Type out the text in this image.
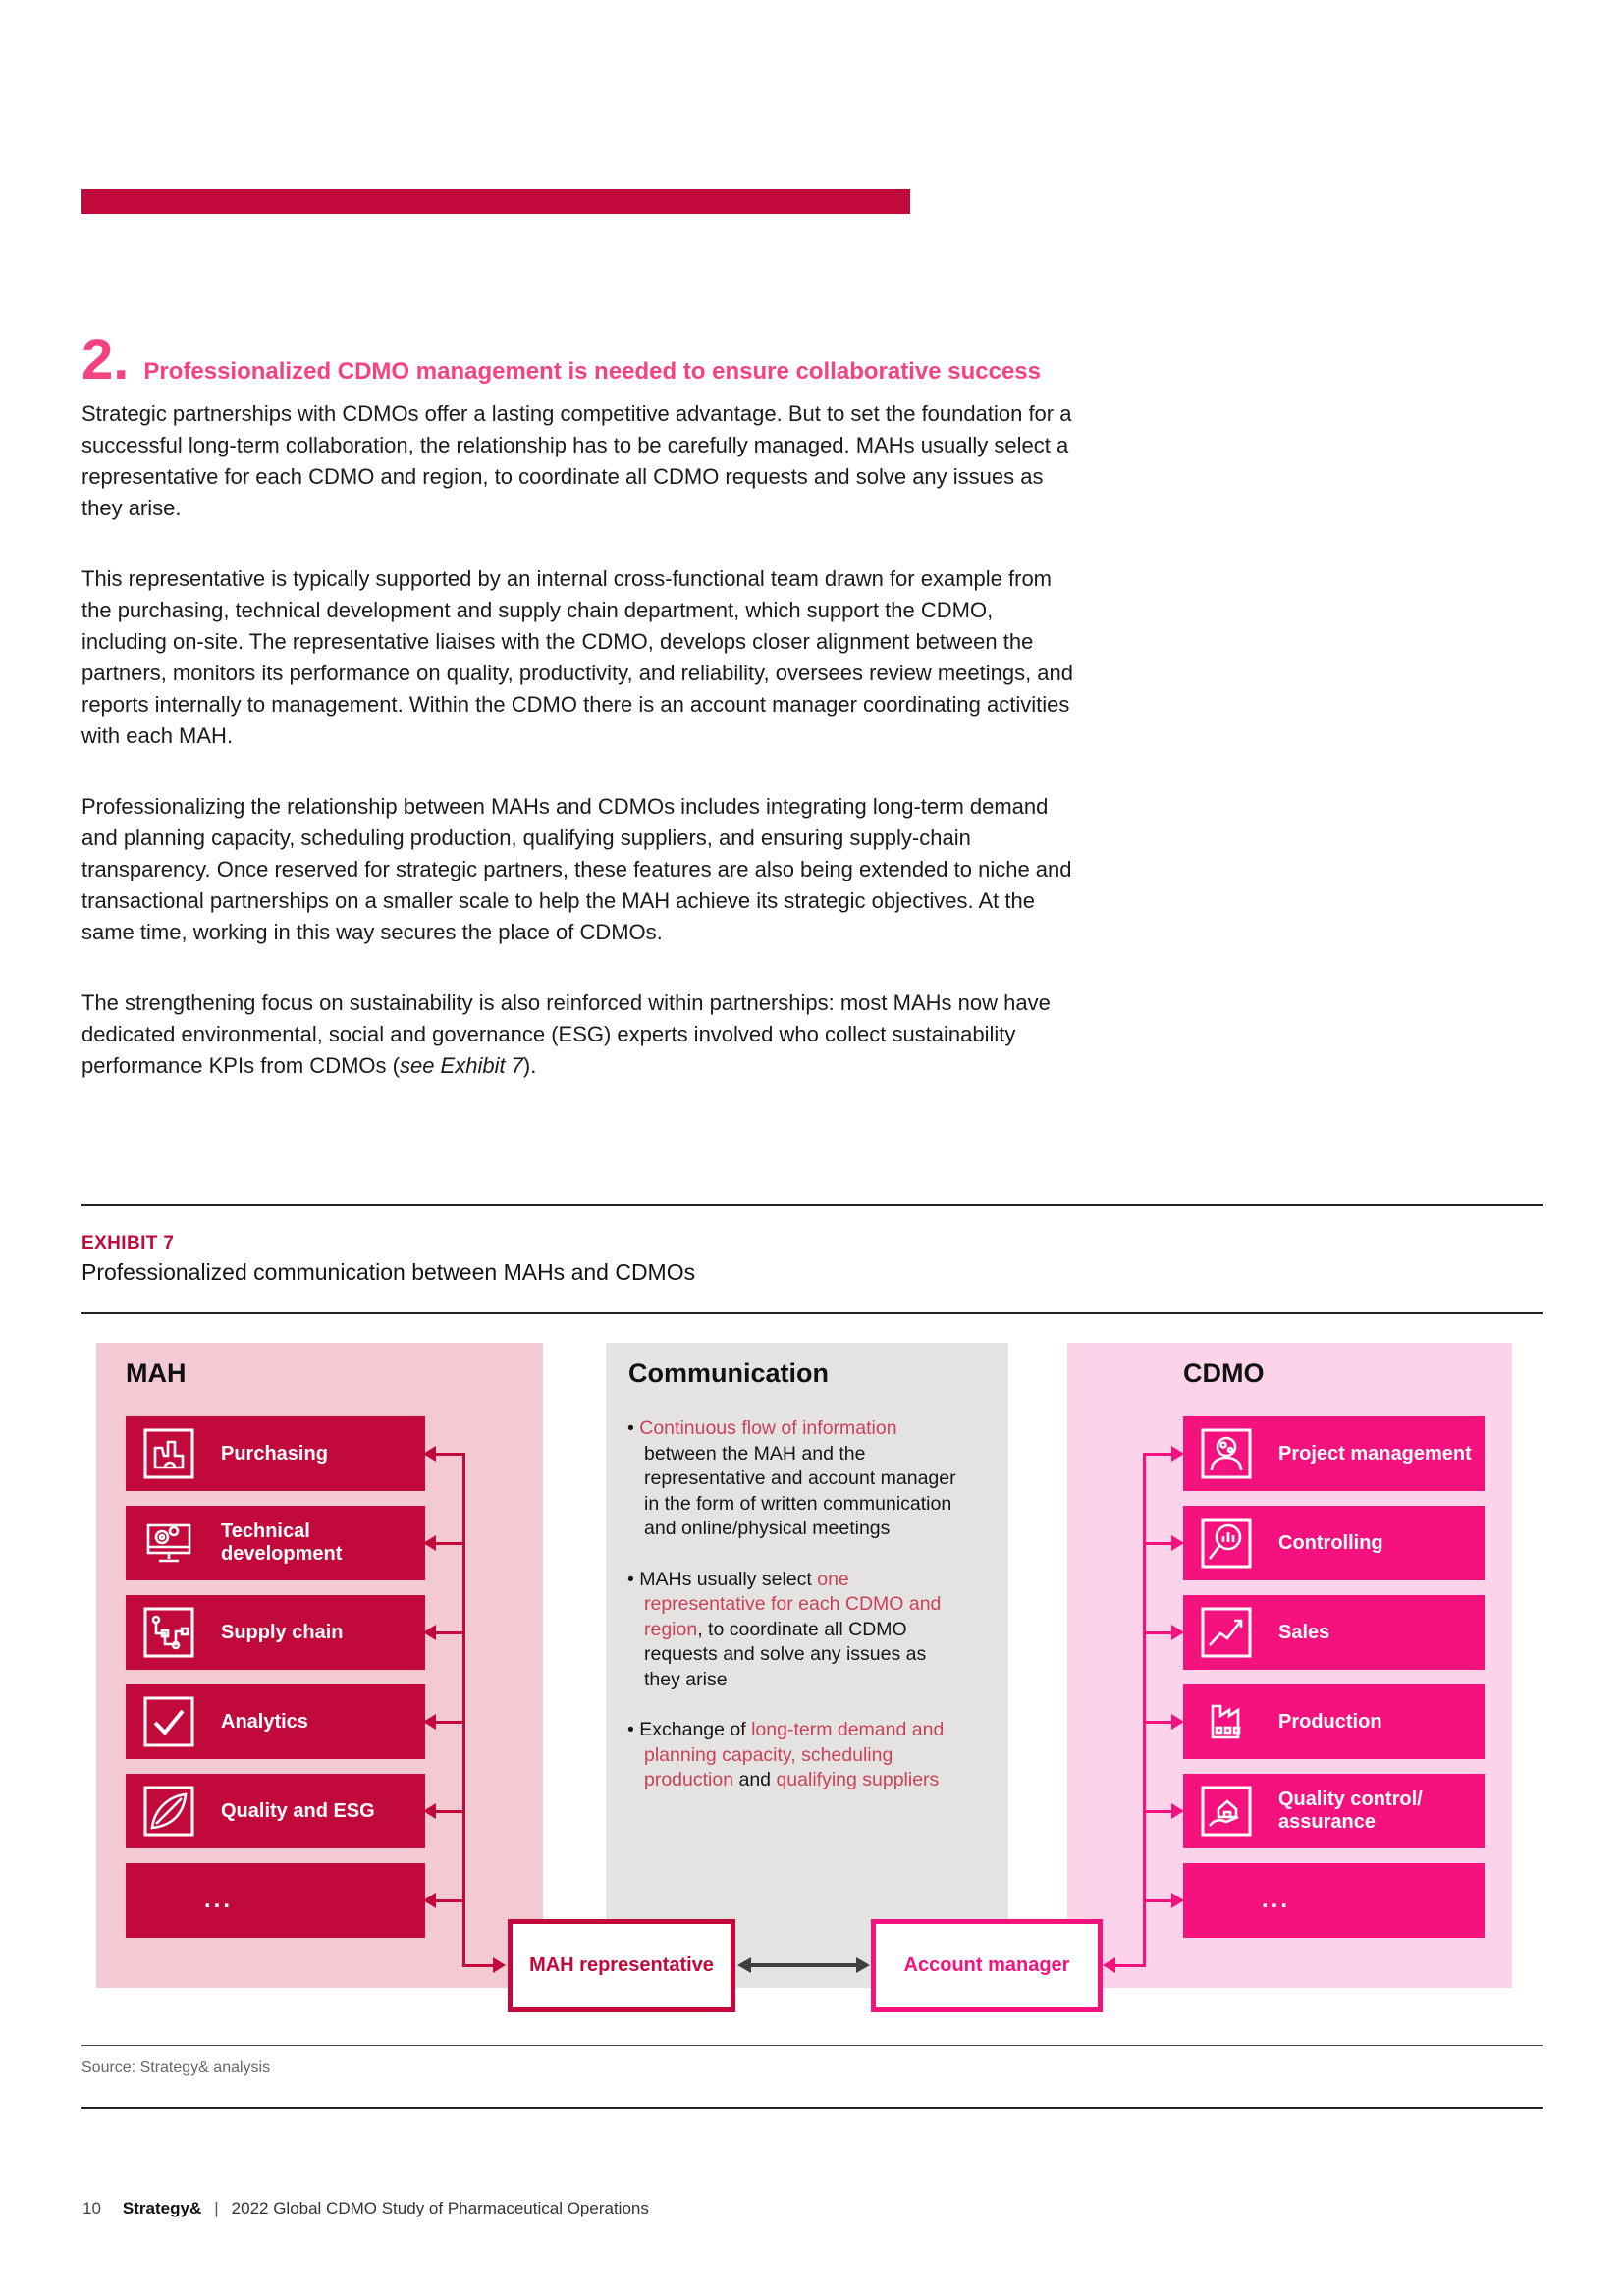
2. Professionalized CDMO management is needed to ensure collaborative success

Strategic partnerships with CDMOs offer a lasting competitive advantage. But to set the foundation for a successful long-term collaboration, the relationship has to be carefully managed. MAHs usually select a representative for each CDMO and region, to coordinate all CDMO requests and solve any issues as they arise.

This representative is typically supported by an internal cross-functional team drawn for example from the purchasing, technical development and supply chain department, which support the CDMO, including on-site. The representative liaises with the CDMO, develops closer alignment between the partners, monitors its performance on quality, productivity, and reliability, oversees review meetings, and reports internally to management. Within the CDMO there is an account manager coordinating activities with each MAH.

Professionalizing the relationship between MAHs and CDMOs includes integrating long-term demand and planning capacity, scheduling production, qualifying suppliers, and ensuring supply-chain transparency. Once reserved for strategic partners, these features are also being extended to niche and transactional partnerships on a smaller scale to help the MAH achieve its strategic objectives. At the same time, working in this way secures the place of CDMOs.

The strengthening focus on sustainability is also reinforced within partnerships: most MAHs now have dedicated environmental, social and governance (ESG) experts involved who collect sustainability performance KPIs from CDMOs (see Exhibit 7).

EXHIBIT 7
Professionalized communication between MAHs and CDMOs
MAH	Communication	CDMO
• Continuous flow of information between the MAH and the representative and account manager in the form of written communication and online/physical meetings
• MAHs usually select one representative for each CDMO and region, to coordinate all CDMO requests and solve any issues as they arise
• Exchange of long-term demand and planning capacity, scheduling production and qualifying suppliers
MAH representative	Account manager
Purchasing
Technical development
Supply chain
Analytics
Quality and ESG
...
Project management
Controlling
Sales
Production
Quality control/ assurance
...
Source: Strategy& analysis
10 Strategy& | 2022 Global CDMO Study of Pharmaceutical Operations
